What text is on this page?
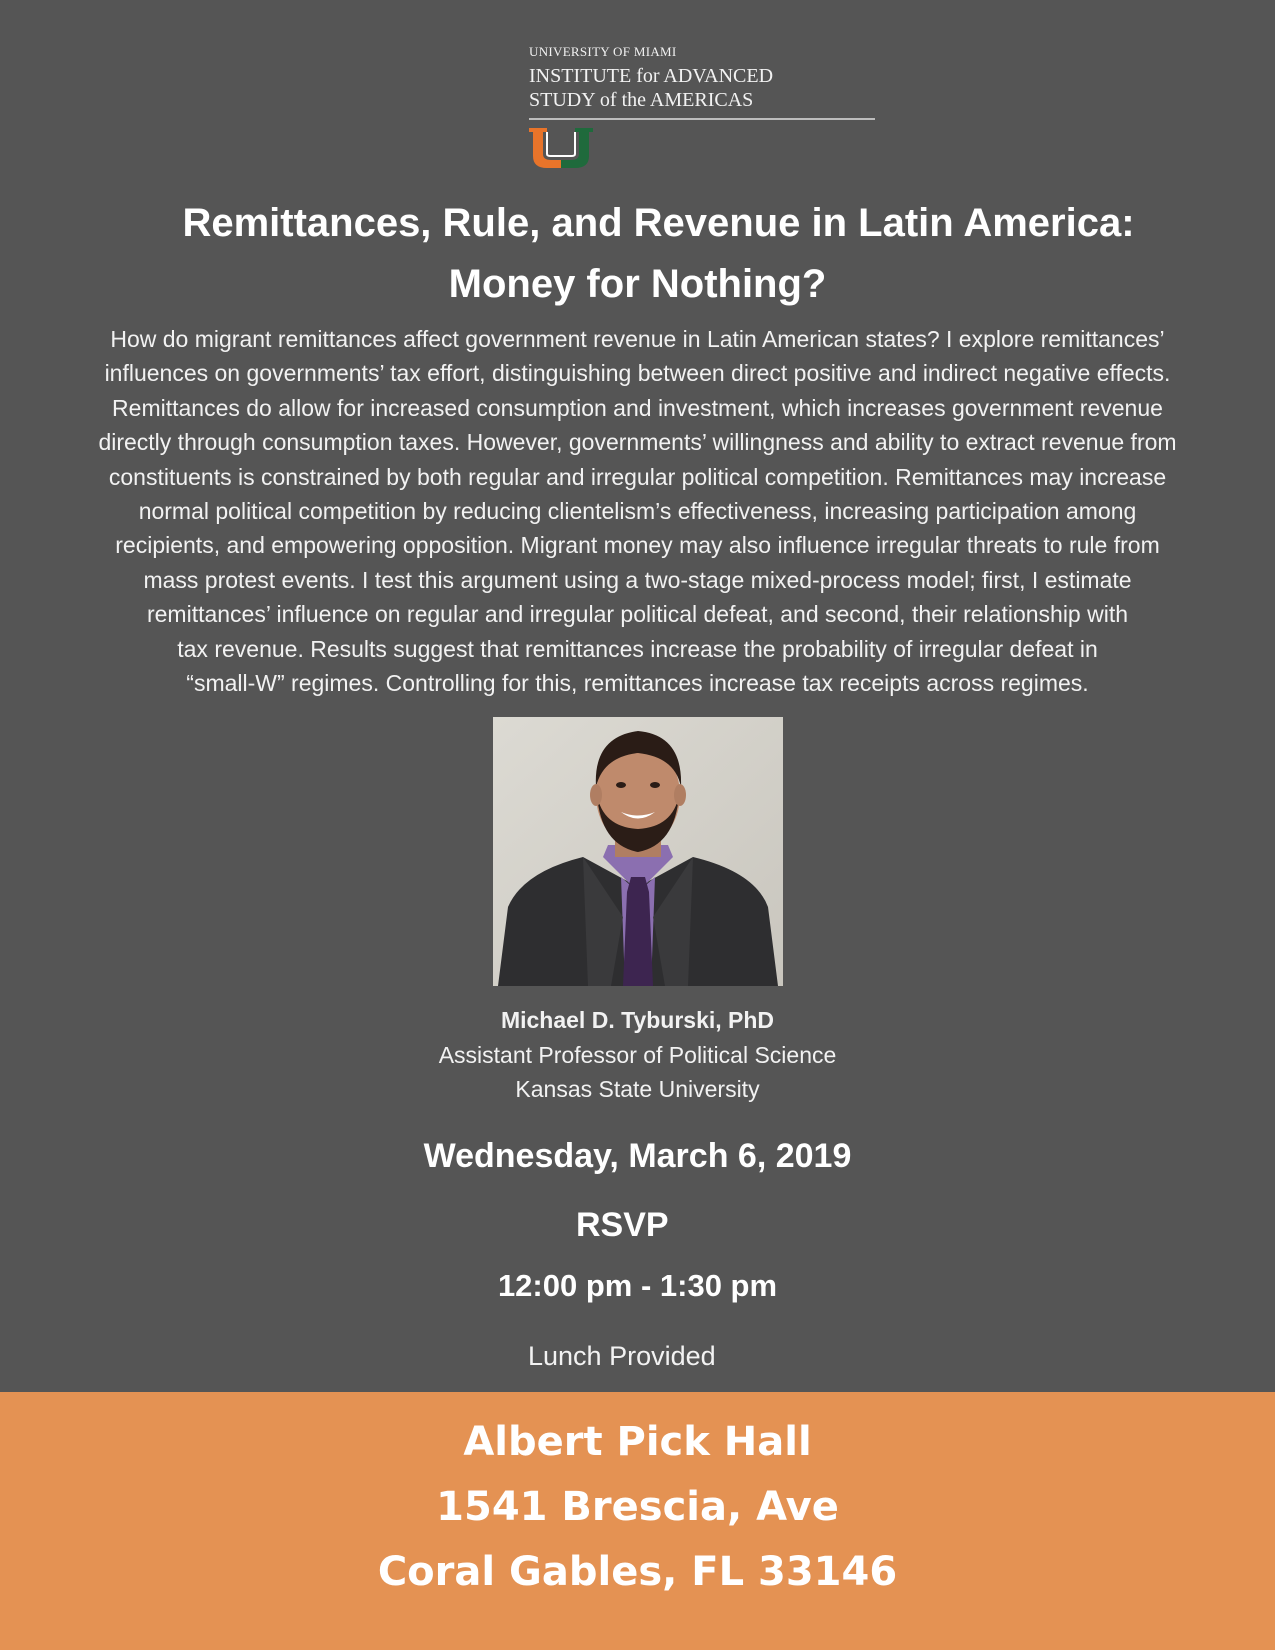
UNIVERSITY OF MIAMI
INSTITUTE for ADVANCED
STUDY of the AMERICAS
Remittances, Rule, and Revenue in Latin America:
Money for Nothing?
How do migrant remittances affect government revenue in Latin American states? I explore remittances’
influences on governments’ tax effort, distinguishing between direct positive and indirect negative effects.
Remittances do allow for increased consumption and investment, which increases government revenue
directly through consumption taxes. However, governments’ willingness and ability to extract revenue from
constituents is constrained by both regular and irregular political competition. Remittances may increase
normal political competition by reducing clientelism’s effectiveness, increasing participation among
recipients, and empowering opposition. Migrant money may also influence irregular threats to rule from
mass protest events. I test this argument using a two-stage mixed-process model; first, I estimate
remittances’ influence on regular and irregular political defeat, and second, their relationship with
tax revenue. Results suggest that remittances increase the probability of irregular defeat in
“small-W” regimes. Controlling for this, remittances increase tax receipts across regimes.
Michael D. Tyburski, PhD
Assistant Professor of Political Science
Kansas State University
Wednesday, March 6, 2019
RSVP
12:00 pm - 1:30 pm
Lunch Provided
Albert Pick Hall
1541 Brescia, Ave
Coral Gables, FL 33146
